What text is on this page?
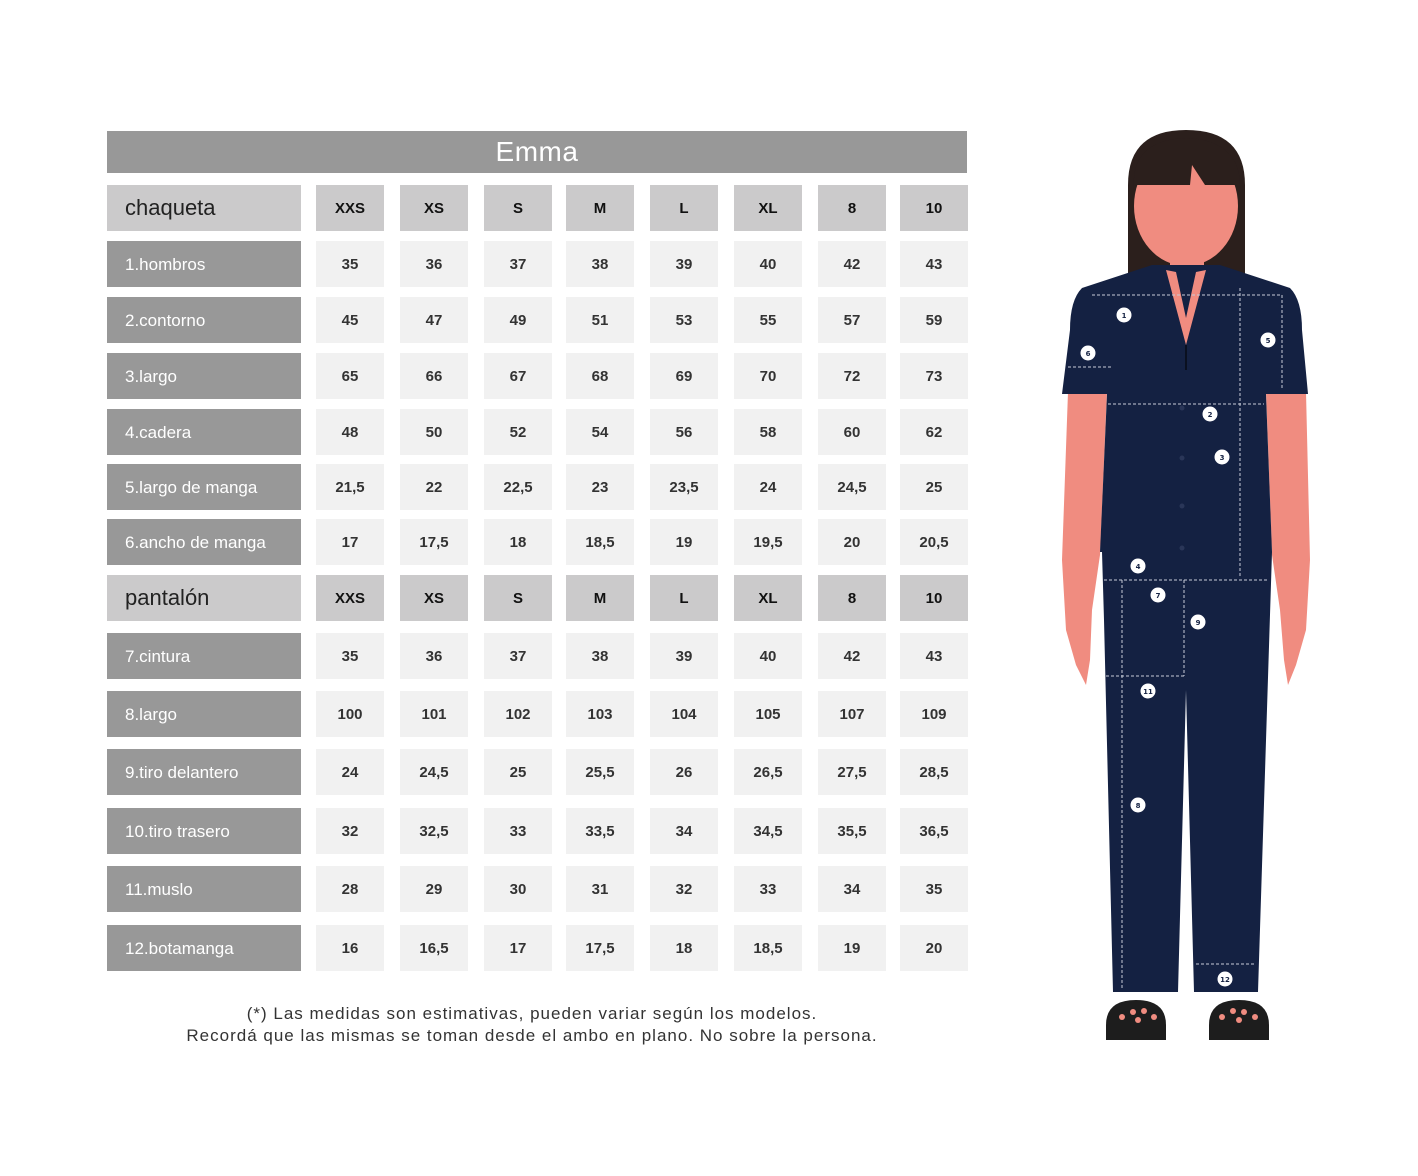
Emma
chaqueta	XXS	XS	S	M	L	XL	8	10
1.hombros	35	36	37	38	39	40	42	43
2.contorno	45	47	49	51	53	55	57	59
3.largo	65	66	67	68	69	70	72	73
4.cadera	48	50	52	54	56	58	60	62
5.largo de manga	21,5	22	22,5	23	23,5	24	24,5	25
6.ancho de manga	17	17,5	18	18,5	19	19,5	20	20,5
pantalón	XXS	XS	S	M	L	XL	8	10
7.cintura	35	36	37	38	39	40	42	43
8.largo	100	101	102	103	104	105	107	109
9.tiro delantero	24	24,5	25	25,5	26	26,5	27,5	28,5
10.tiro trasero	32	32,5	33	33,5	34	34,5	35,5	36,5
11.muslo	28	29	30	31	32	33	34	35
12.botamanga	16	16,5	17	17,5	18	18,5	19	20
(*) Las medidas son estimativas, pueden variar según los modelos.
Recordá que las mismas se toman desde el ambo en plano. No sobre la persona.
1
2
3
4
5
6
7
8
9
11
12
